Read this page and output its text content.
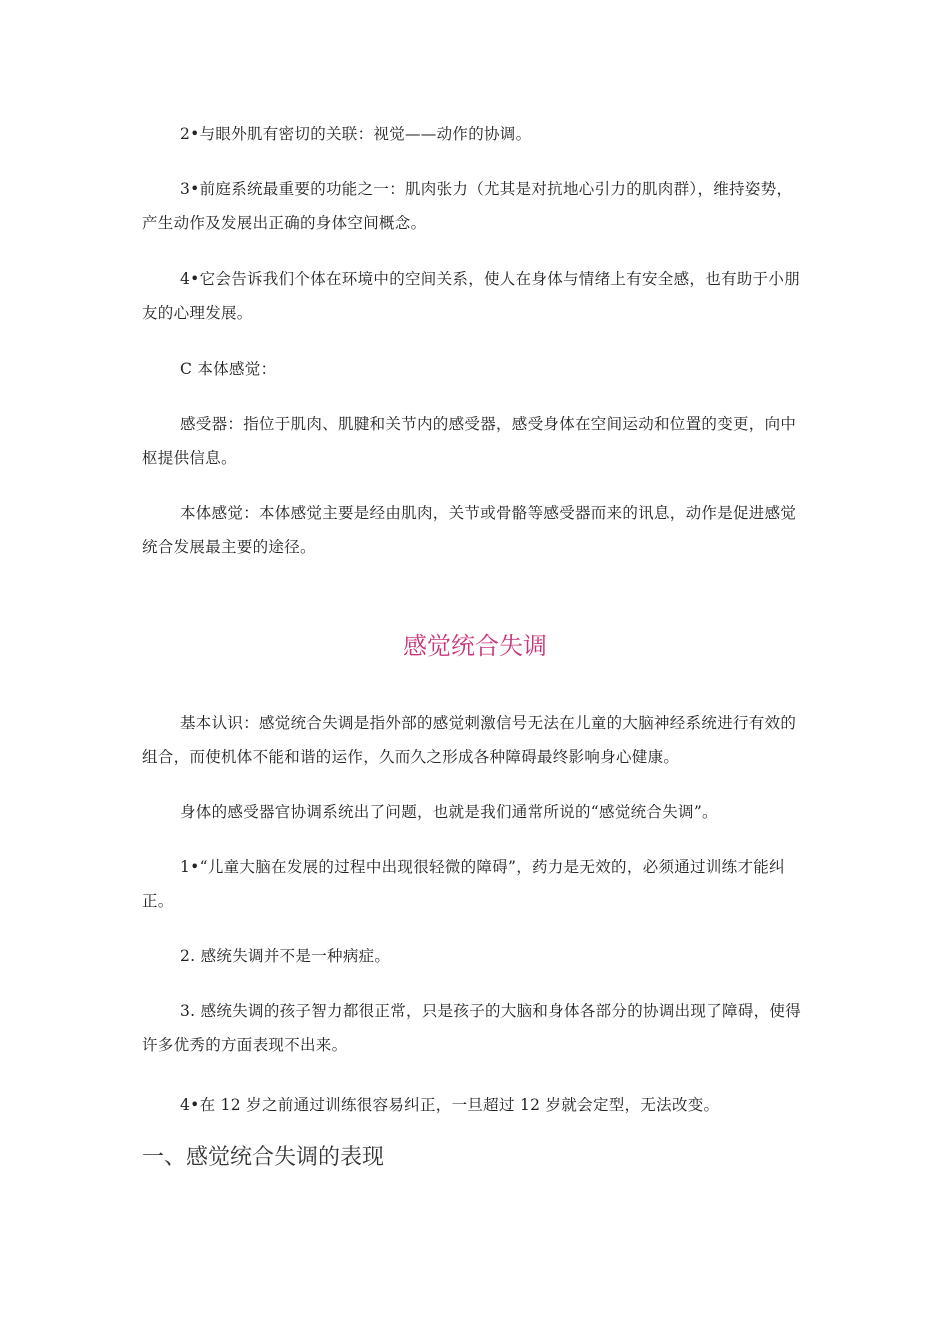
2•与眼外肌有密切的关联：视觉——动作的协调。

3•前庭系统最重要的功能之一：肌肉张力（尤其是对抗地心引力的肌肉群），维持姿势，产生动作及发展出正确的身体空间概念。

4•它会告诉我们个体在环境中的空间关系，使人在身体与情绪上有安全感，也有助于小朋友的心理发展。

C 本体感觉：

感受器：指位于肌肉、肌腱和关节内的感受器，感受身体在空间运动和位置的变更，向中枢提供信息。

本体感觉：本体感觉主要是经由肌肉，关节或骨骼等感受器而来的讯息，动作是促进感觉统合发展最主要的途径。

感觉统合失调

基本认识：感觉统合失调是指外部的感觉刺激信号无法在儿童的大脑神经系统进行有效的组合，而使机体不能和谐的运作，久而久之形成各种障碍最终影响身心健康。

身体的感受器官协调系统出了问题，也就是我们通常所说的“感觉统合失调”。

1•“儿童大脑在发展的过程中出现很轻微的障碍”，药力是无效的，必须通过训练才能纠正。

2. 感统失调并不是一种病症。

3. 感统失调的孩子智力都很正常，只是孩子的大脑和身体各部分的协调出现了障碍，使得许多优秀的方面表现不出来。

4•在 12 岁之前通过训练很容易纠正，一旦超过 12 岁就会定型，无法改变。

一、感觉统合失调的表现
